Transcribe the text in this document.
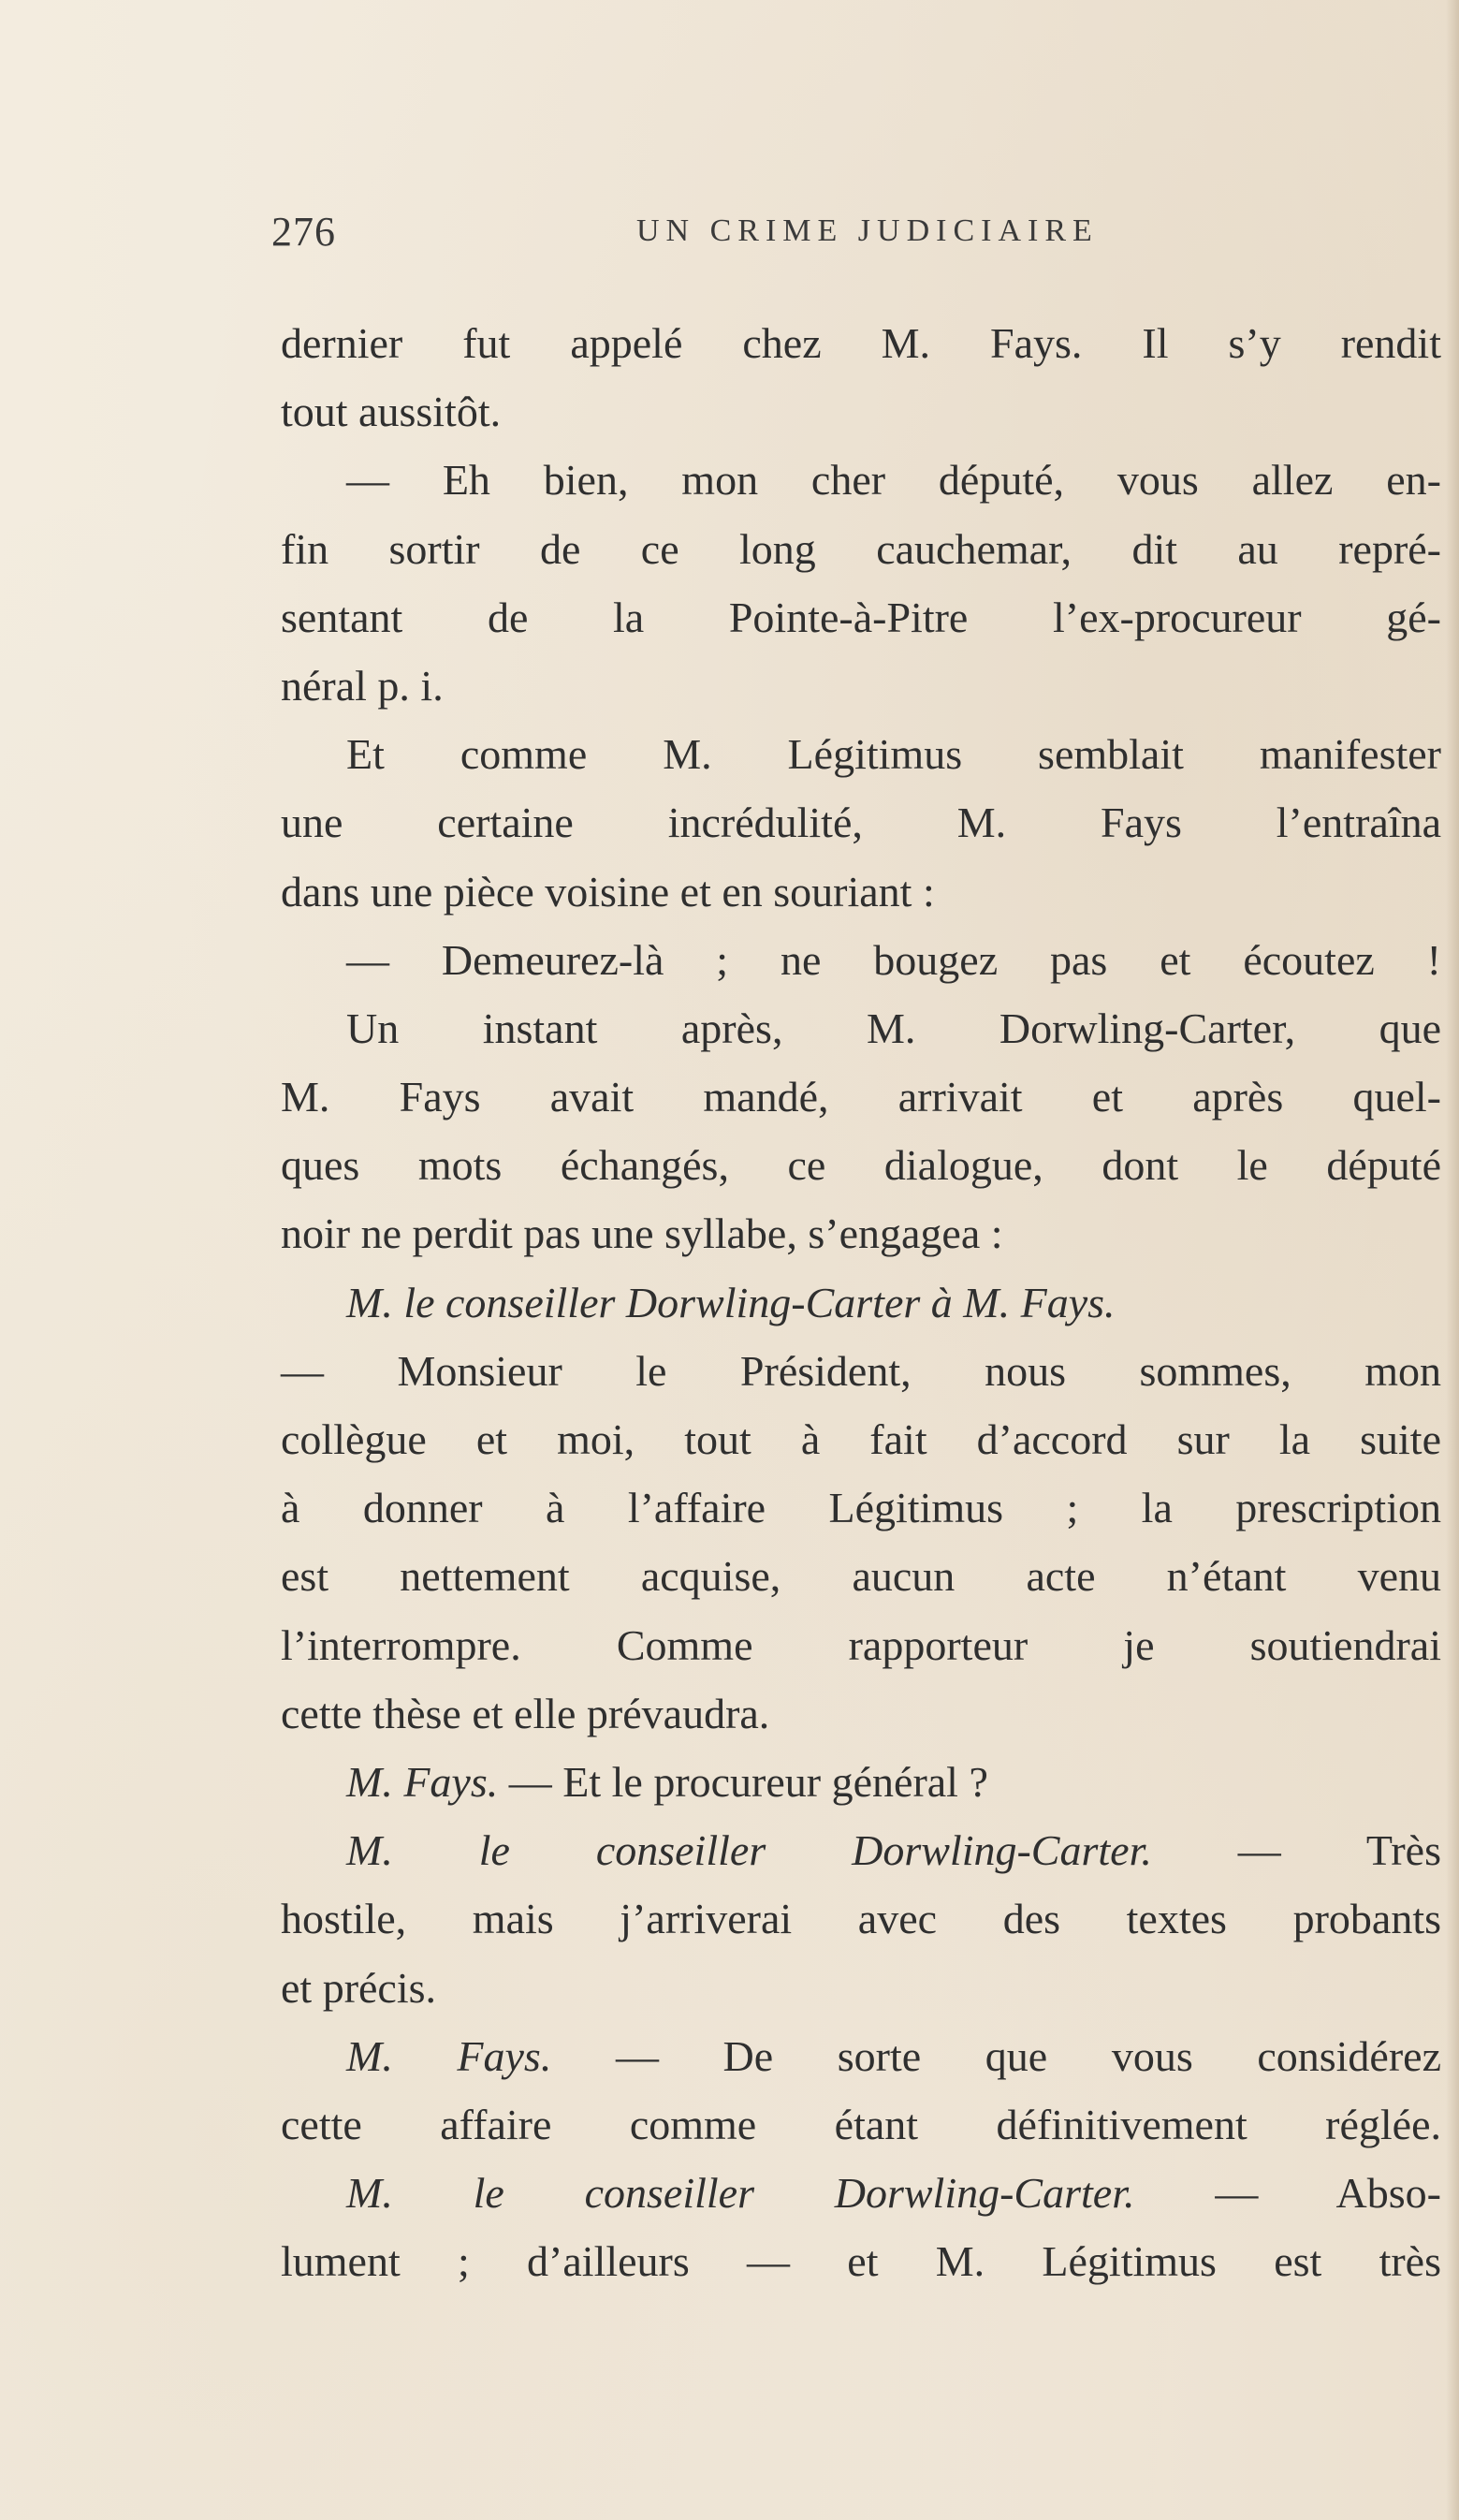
276	UN CRIME JUDICIAIRE
dernier fut appelé chez M. Fays. Il s’y rendit
tout aussitôt.
— Eh bien, mon cher député, vous allez en-
fin sortir de ce long cauchemar, dit au repré-
sentant de la Pointe-à-Pitre l’ex-procureur gé-
néral p. i.
Et comme M. Légitimus semblait manifester
une certaine incrédulité, M. Fays l’entraîna
dans une pièce voisine et en souriant :
— Demeurez-là ; ne bougez pas et écoutez !
Un instant après, M. Dorwling-Carter, que
M. Fays avait mandé, arrivait et après quel-
ques mots échangés, ce dialogue, dont le député
noir ne perdit pas une syllabe, s’engagea :
M. le conseiller Dorwling-Carter à M. Fays.
— Monsieur le Président, nous sommes, mon
collègue et moi, tout à fait d’accord sur la suite
à donner à l’affaire Légitimus ; la prescription
est nettement acquise, aucun acte n’étant venu
l’interrompre. Comme rapporteur je soutiendrai
cette thèse et elle prévaudra.
M. Fays. — Et le procureur général ?
M. le conseiller Dorwling-Carter. — Très
hostile, mais j’arriverai avec des textes probants
et précis.
M. Fays. — De sorte que vous considérez
cette affaire comme étant définitivement réglée.
M. le conseiller Dorwling-Carter. — Abso-
lument ; d’ailleurs — et M. Légitimus est très
